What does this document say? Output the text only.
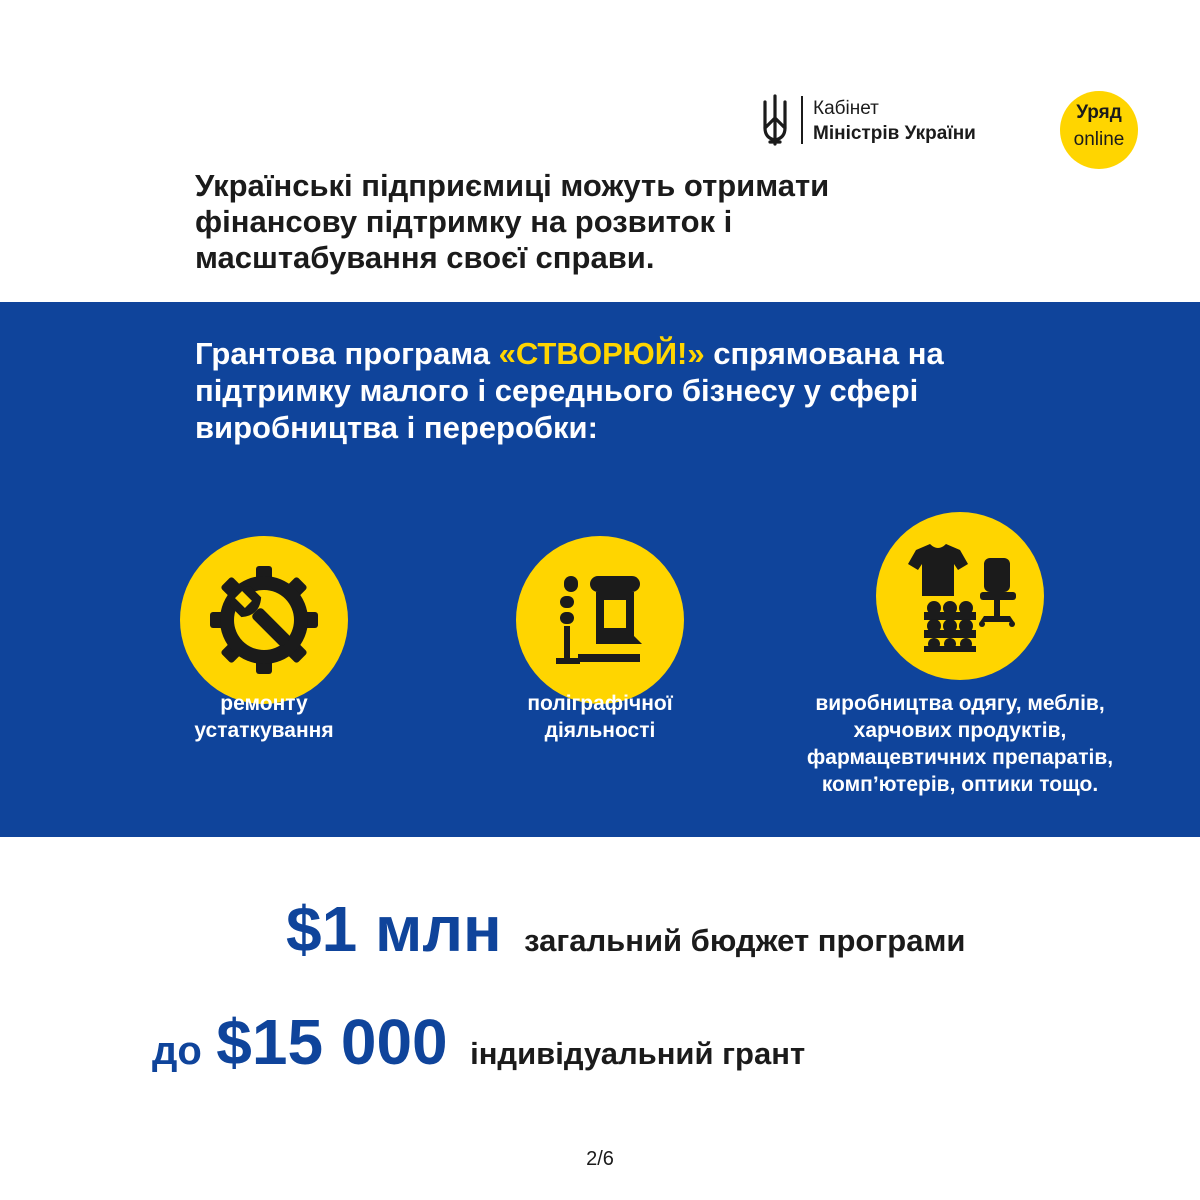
Кабінет
Міністрів України
Уряд
online
Українські підприємиці можуть отримати фінансову підтримку на розвиток і масштабування своєї справи.
Грантова програма «СТВОРЮЙ!» спрямована на підтримку малого і середнього бізнесу у сфері виробництва і переробки:
ремонту
устаткування
поліграфічної
діяльності
виробництва одягу, меблів,
харчових продуктів,
фармацевтичних препаратів,
комп’ютерів, оптики тощо.
$1 млн загальний бюджет програми
до $15 000 індивідуальний грант
2/6
